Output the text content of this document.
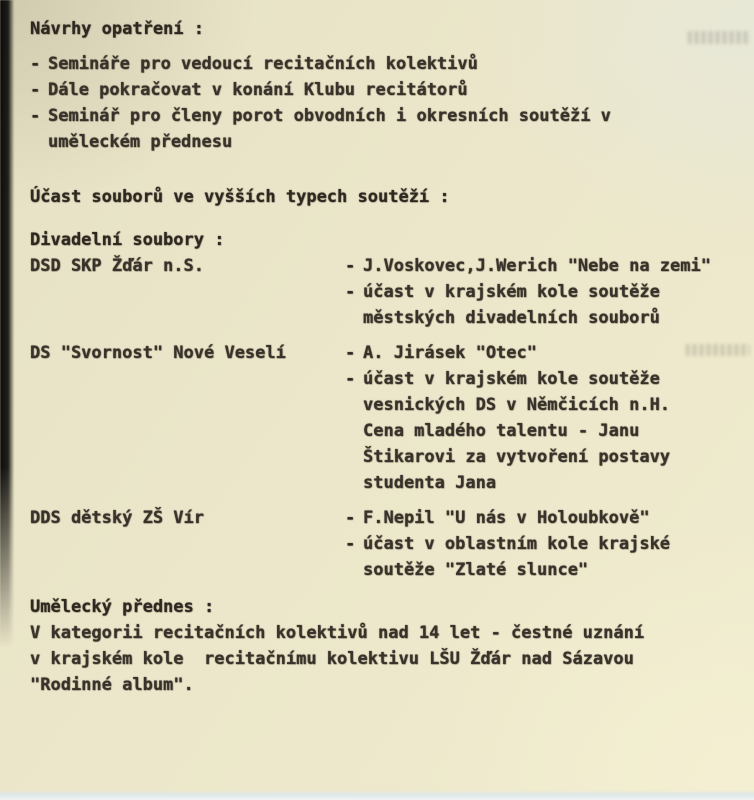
Návrhy opatření :

- Semináře pro vedoucí recitačních kolektivů
- Dále pokračovat v konání Klubu recitátorů
- Seminář pro členy porot obvodních i okresních soutěží v
uměleckém přednesu

Účast souborů ve vyšších typech soutěží :

Divadelní soubory :

DSD SKP Žďár n.S.	- J.Voskovec,J.Werich "Nebe na zemi"
- účast v krajském kole soutěže
městských divadelních souborů
DS "Svornost" Nové Veselí	- A. Jirásek "Otec"
- účast v krajském kole soutěže
vesnických DS v Němčicích n.H.
Cena mladého talentu - Janu
Štikarovi za vytvoření postavy
studenta Jana
DDS dětský ZŠ Vír	- F.Nepil "U nás v Holoubkově"
- účast v oblastním kole krajské
soutěže "Zlaté slunce"

Umělecký přednes :

V kategorii recitačních kolektivů nad 14 let - čestné uznání
v krajském kole  recitačnímu kolektivu LŠU Žďár nad Sázavou
"Rodinné album".
